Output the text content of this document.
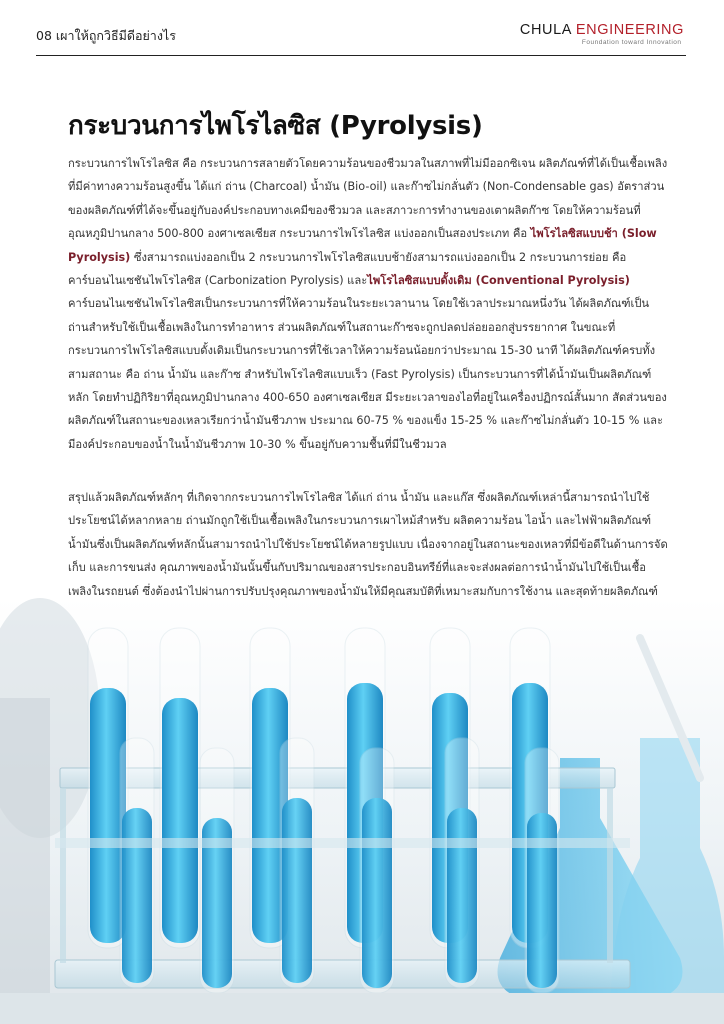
08 เผาให้ถูกวิธีมีดีอย่างไร	CHULA ENGINEERING
Foundation toward Innovation
กระบวนการไพโรไลซิส (Pyrolysis)

กระบวนการไพโรไลซิส คือ กระบวนการสลายตัวโดยความร้อนของชีวมวลในสภาพที่ไม่มีออกซิเจน ผลิตภัณฑ์ที่ได้เป็นเชื้อเพลิงที่มีค่าทางความร้อนสูงขึ้น ได้แก่ ถ่าน (Charcoal) น้ำมัน (Bio-oil) และก๊าซไม่กลั่นตัว (Non-Condensable gas) อัตราส่วนของผลิตภัณฑ์ที่ได้จะขึ้นอยู่กับองค์ประกอบทางเคมีของชีวมวล และสภาวะการทำงานของเตาผลิตก๊าซ โดยให้ความร้อนที่อุณหภูมิปานกลาง 500-800 องศาเซลเซียส กระบวนการไพโรไลซิส แบ่งออกเป็นสองประเภท คือ ไพโรไลซิสแบบช้า (Slow Pyrolysis) ซึ่งสามารถแบ่งออกเป็น 2 กระบวนการไพโรไลซิสแบบช้ายังสามารถแบ่งออกเป็น 2 กระบวนการย่อย คือ คาร์บอนไนเซชันไพโรไลซิส (Carbonization Pyrolysis) และไพโรไลซิสแบบดั้งเดิม (Conventional Pyrolysis) คาร์บอนไนเซชันไพโรไลซิสเป็นกระบวนการที่ให้ความร้อนในระยะเวลานาน โดยใช้เวลาประมาณหนึ่งวัน ได้ผลิตภัณฑ์เป็นถ่านสำหรับใช้เป็นเชื้อเพลิงในการทำอาหาร ส่วนผลิตภัณฑ์ในสถานะก๊าซจะถูกปลดปล่อยออกสู่บรรยากาศ ในขณะที่กระบวนการไพโรไลซิสแบบดั้งเดิมเป็นกระบวนการที่ใช้เวลาให้ความร้อนน้อยกว่าประมาณ 15-30 นาที ได้ผลิตภัณฑ์ครบทั้งสามสถานะ คือ ถ่าน น้ำมัน และก๊าซ สำหรับไพโรไลซิสแบบเร็ว (Fast Pyrolysis) เป็นกระบวนการที่ได้น้ำมันเป็นผลิตภัณฑ์หลัก โดยทำปฏิกิริยาที่อุณหภูมิปานกลาง 400-650 องศาเซลเซียส มีระยะเวลาของไอที่อยู่ในเครื่องปฏิกรณ์สั้นมาก สัดส่วนของผลิตภัณฑ์ในสถานะของเหลวเรียกว่าน้ำมันชีวภาพ ประมาณ 60-75 % ของแข็ง 15-25 % และก๊าซไม่กลั่นตัว 10-15 % และมีองค์ประกอบของน้ำในน้ำมันชีวภาพ 10-30 % ขึ้นอยู่กับความชื้นที่มีในชีวมวล

สรุปแล้วผลิตภัณฑ์หลักๆ ที่เกิดจากกระบวนการไพโรไลซิส ได้แก่ ถ่าน น้ำมัน และแก๊ส ซึ่งผลิตภัณฑ์เหล่านี้สามารถนำไปใช้ประโยชน์ได้หลากหลาย ถ่านมักถูกใช้เป็นเชื้อเพลิงในกระบวนการเผาไหม้สำหรับ ผลิตความร้อน ไอน้ำ และไฟฟ้าผลิตภัณฑ์น้ำมันซึ่งเป็นผลิตภัณฑ์หลักนั้นสามารถนำไปใช้ประโยชน์ได้หลายรูปแบบ เนื่องจากอยู่ในสถานะของเหลวที่มีข้อดีในด้านการจัดเก็บ และการขนส่ง คุณภาพของน้ำมันนั้นขึ้นกับปริมาณของสารประกอบอินทรีย์ที่และจะส่งผลต่อการนำน้ำมันไปใช้เป็นเชื้อเพลิงในรถยนต์ ซึ่งต้องนำไปผ่านการปรับปรุงคุณภาพของน้ำมันให้มีคุณสมบัติที่เหมาะสมกับการใช้งาน และสุดท้ายผลิตภัณฑ์
